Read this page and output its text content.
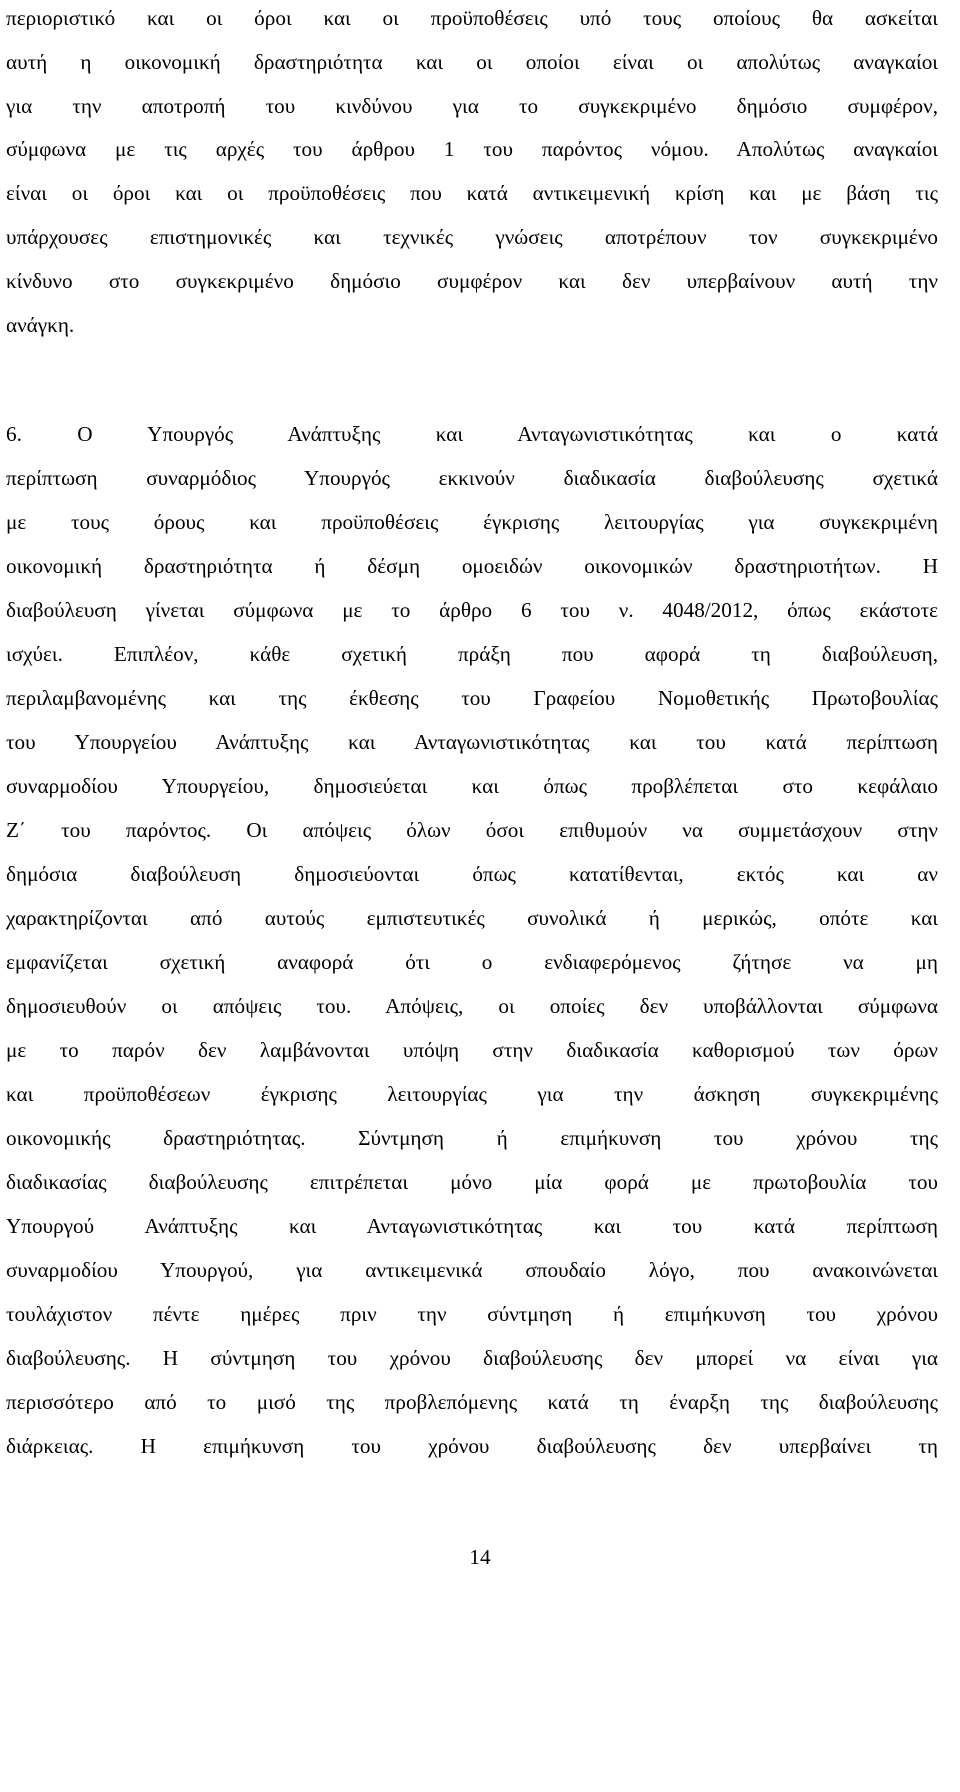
περιοριστικό και οι όροι και οι προϋποθέσεις υπό τους οποίους θα ασκείται

αυτή η οικονομική δραστηριότητα και οι οποίοι είναι οι απολύτως αναγκαίοι

για την αποτροπή του κινδύνου για το συγκεκριμένο δημόσιο συμφέρον,

σύμφωνα με τις αρχές του άρθρου 1 του παρόντος νόμου. Απολύτως αναγκαίοι

είναι οι όροι και οι προϋποθέσεις που κατά αντικειμενική κρίση και με βάση τις

υπάρχουσες επιστημονικές και τεχνικές γνώσεις αποτρέπουν τον συγκεκριμένο

κίνδυνο στο συγκεκριμένο δημόσιο συμφέρον και δεν υπερβαίνουν αυτή την

ανάγκη.

6. Ο Υπουργός Ανάπτυξης και Ανταγωνιστικότητας και ο κατά

περίπτωση συναρμόδιος Υπουργός εκκινούν διαδικασία διαβούλευσης σχετικά

με τους όρους και προϋποθέσεις έγκρισης λειτουργίας για συγκεκριμένη

οικονομική δραστηριότητα ή δέσμη ομοειδών οικονομικών δραστηριοτήτων. Η

διαβούλευση γίνεται σύμφωνα με το άρθρο 6 του ν. 4048/2012, όπως εκάστοτε

ισχύει. Επιπλέον, κάθε σχετική πράξη που αφορά τη διαβούλευση,

περιλαμβανομένης και της έκθεσης του Γραφείου Νομοθετικής Πρωτοβουλίας

του Υπουργείου Ανάπτυξης και Ανταγωνιστικότητας και του κατά περίπτωση

συναρμοδίου Υπουργείου, δημοσιεύεται και όπως προβλέπεται στο κεφάλαιο

Ζ΄ του παρόντος. Οι απόψεις όλων όσοι επιθυμούν να συμμετάσχουν στην

δημόσια διαβούλευση δημοσιεύονται όπως κατατίθενται, εκτός και αν

χαρακτηρίζονται από αυτούς εμπιστευτικές συνολικά ή μερικώς, οπότε και

εμφανίζεται σχετική αναφορά ότι ο ενδιαφερόμενος ζήτησε να μη

δημοσιευθούν οι απόψεις του. Απόψεις, οι οποίες δεν υποβάλλονται σύμφωνα

με το παρόν δεν λαμβάνονται υπόψη στην διαδικασία καθορισμού των όρων

και προϋποθέσεων έγκρισης λειτουργίας για την άσκηση συγκεκριμένης

οικονομικής δραστηριότητας. Σύντμηση ή επιμήκυνση του χρόνου της

διαδικασίας διαβούλευσης επιτρέπεται μόνο μία φορά με πρωτοβουλία του

Υπουργού Ανάπτυξης και Ανταγωνιστικότητας και του κατά περίπτωση

συναρμοδίου Υπουργού, για αντικειμενικά σπουδαίο λόγο, που ανακοινώνεται

τουλάχιστον πέντε ημέρες πριν την σύντμηση ή επιμήκυνση του χρόνου

διαβούλευσης. Η σύντμηση του χρόνου διαβούλευσης δεν μπορεί να είναι για

περισσότερο από το μισό της προβλεπόμενης κατά τη έναρξη της διαβούλευσης

διάρκειας. Η επιμήκυνση του χρόνου διαβούλευσης δεν υπερβαίνει τη

14
